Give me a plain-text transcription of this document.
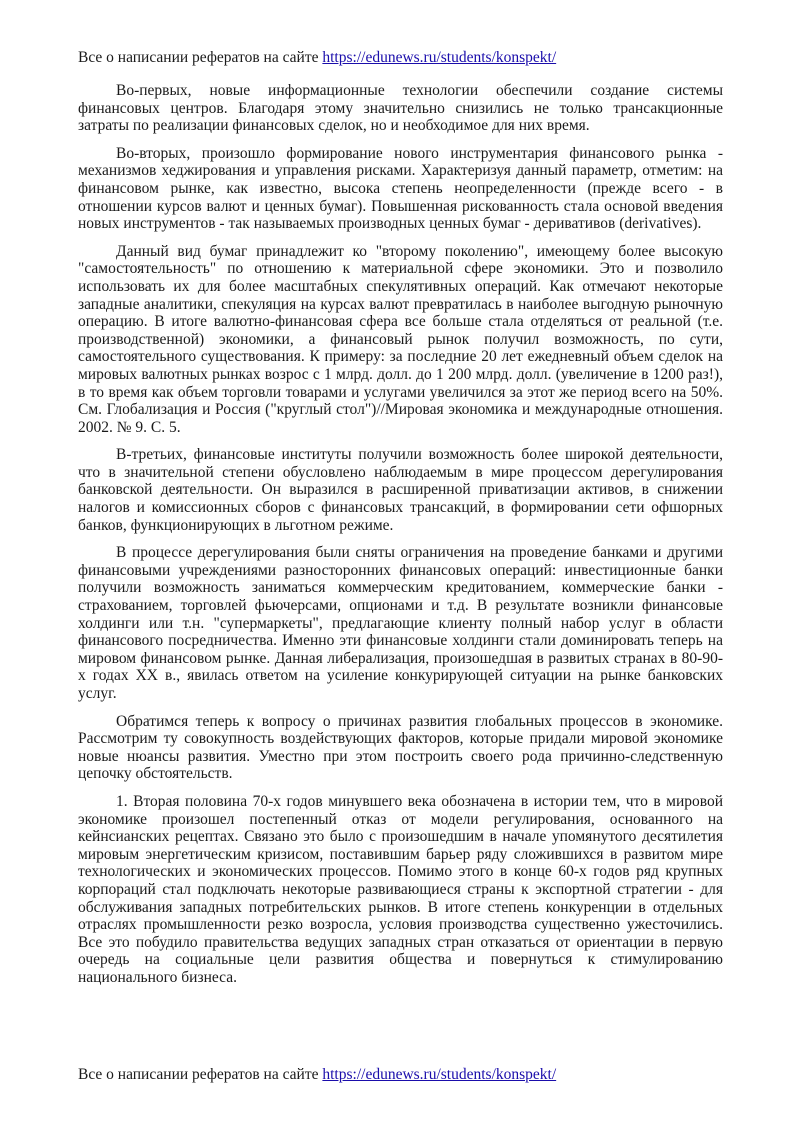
Все о написании рефератов на сайте https://edunews.ru/students/konspekt/

Во-первых, новые информационные технологии обеспечили создание системы финансовых центров. Благодаря этому значительно снизились не только трансакционные затраты по реализации финансовых сделок, но и необходимое для них время.

Во-вторых, произошло формирование нового инструментария финансового рынка - механизмов хеджирования и управления рисками. Характеризуя данный параметр, отметим: на финансовом рынке, как известно, высока степень неопределенности (прежде всего - в отношении курсов валют и ценных бумаг). Повышенная рискованность стала основой введения новых инструментов - так называемых производных ценных бумаг - деривативов (derivatives).

Данный вид бумаг принадлежит ко "второму поколению", имеющему более высокую "самостоятельность" по отношению к материальной сфере экономики. Это и позволило использовать их для более масштабных спекулятивных операций. Как отмечают некоторые западные аналитики, спекуляция на курсах валют превратилась в наиболее выгодную рыночную операцию. В итоге валютно-финансовая сфера все больше стала отделяться от реальной (т.е. производственной) экономики, а финансовый рынок получил возможность, по сути, самостоятельного существования. К примеру: за последние 20 лет ежедневный объем сделок на мировых валютных рынках возрос с 1 млрд. долл. до 1 200 млрд. долл. (увеличение в 1200 раз!), в то время как объем торговли товарами и услугами увеличился за этот же период всего на 50%. См. Глобализация и Россия ("круглый стол")//Мировая экономика и международные отношения. 2002. № 9. С. 5.

В-третьих, финансовые институты получили возможность более широкой деятельности, что в значительной степени обусловлено наблюдаемым в мире процессом дерегулирования банковской деятельности. Он выразился в расширенной приватизации активов, в снижении налогов и комиссионных сборов с финансовых трансакций, в формировании сети офшорных банков, функционирующих в льготном режиме.

В процессе дерегулирования были сняты ограничения на проведение банками и другими финансовыми учреждениями разносторонних финансовых операций: инвестиционные банки получили возможность заниматься коммерческим кредитованием, коммерческие банки - страхованием, торговлей фьючерсами, опционами и т.д. В результате возникли финансовые холдинги или т.н. "супермаркеты", предлагающие клиенту полный набор услуг в области финансового посредничества. Именно эти финансовые холдинги стали доминировать теперь на мировом финансовом рынке. Данная либерализация, произошедшая в развитых странах в 80-90-х годах XX в., явилась ответом на усиление конкурирующей ситуации на рынке банковских услуг.

Обратимся теперь к вопросу о причинах развития глобальных процессов в экономике. Рассмотрим ту совокупность воздействующих факторов, которые придали мировой экономике новые нюансы развития. Уместно при этом построить своего рода причинно-следственную цепочку обстоятельств.

1. Вторая половина 70-х годов минувшего века обозначена в истории тем, что в мировой экономике произошел постепенный отказ от модели регулирования, основанного на кейнсианских рецептах. Связано это было с произошедшим в начале упомянутого десятилетия мировым энергетическим кризисом, поставившим барьер ряду сложившихся в развитом мире технологических и экономических процессов. Помимо этого в конце 60-х годов ряд крупных корпораций стал подключать некоторые развивающиеся страны к экспортной стратегии - для обслуживания западных потребительских рынков. В итоге степень конкуренции в отдельных отраслях промышленности резко возросла, условия производства существенно ужесточились. Все это побудило правительства ведущих западных стран отказаться от ориентации в первую очередь на социальные цели развития общества и повернуться к стимулированию национального бизнеса.

Все о написании рефератов на сайте https://edunews.ru/students/konspekt/
